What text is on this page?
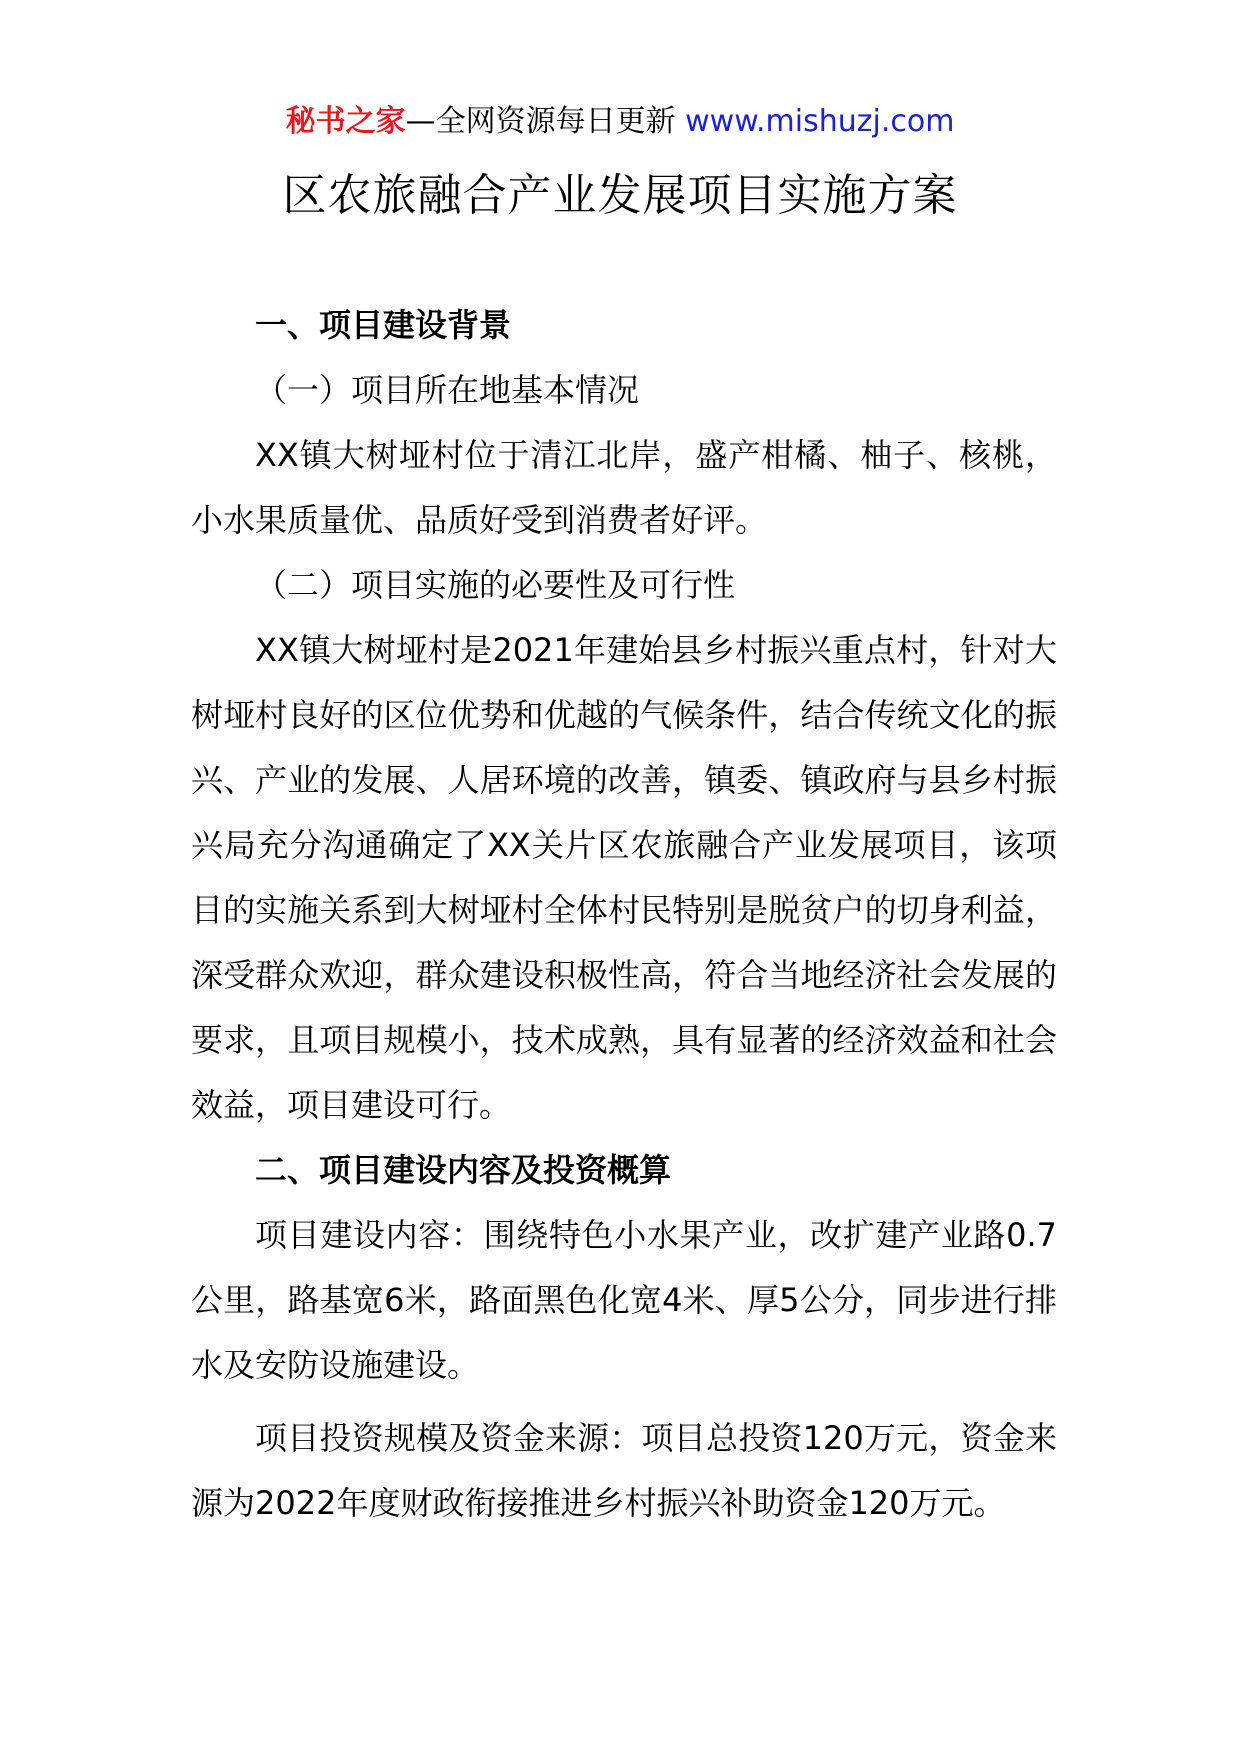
秘书之家—全网资源每日更新 www.mishuzj.com
区农旅融合产业发展项目实施方案

一、项目建设背景

（一）项目所在地基本情况

XX镇大树垭村位于清江北岸，盛产柑橘、柚子、核桃，小水果质量优、品质好受到消费者好评。

（二）项目实施的必要性及可行性

XX镇大树垭村是2021年建始县乡村振兴重点村，针对大树垭村良好的区位优势和优越的气候条件，结合传统文化的振兴、产业的发展、人居环境的改善，镇委、镇政府与县乡村振兴局充分沟通确定了XX关片区农旅融合产业发展项目，该项目的实施关系到大树垭村全体村民特别是脱贫户的切身利益，深受群众欢迎，群众建设积极性高，符合当地经济社会发展的要求，且项目规模小，技术成熟，具有显著的经济效益和社会效益，项目建设可行。

二、项目建设内容及投资概算

项目建设内容：围绕特色小水果产业，改扩建产业路0.7公里，路基宽6米，路面黑色化宽4米、厚5公分，同步进行排水及安防设施建设。

项目投资规模及资金来源：项目总投资120万元，资金来源为2022年度财政衔接推进乡村振兴补助资金120万元。
